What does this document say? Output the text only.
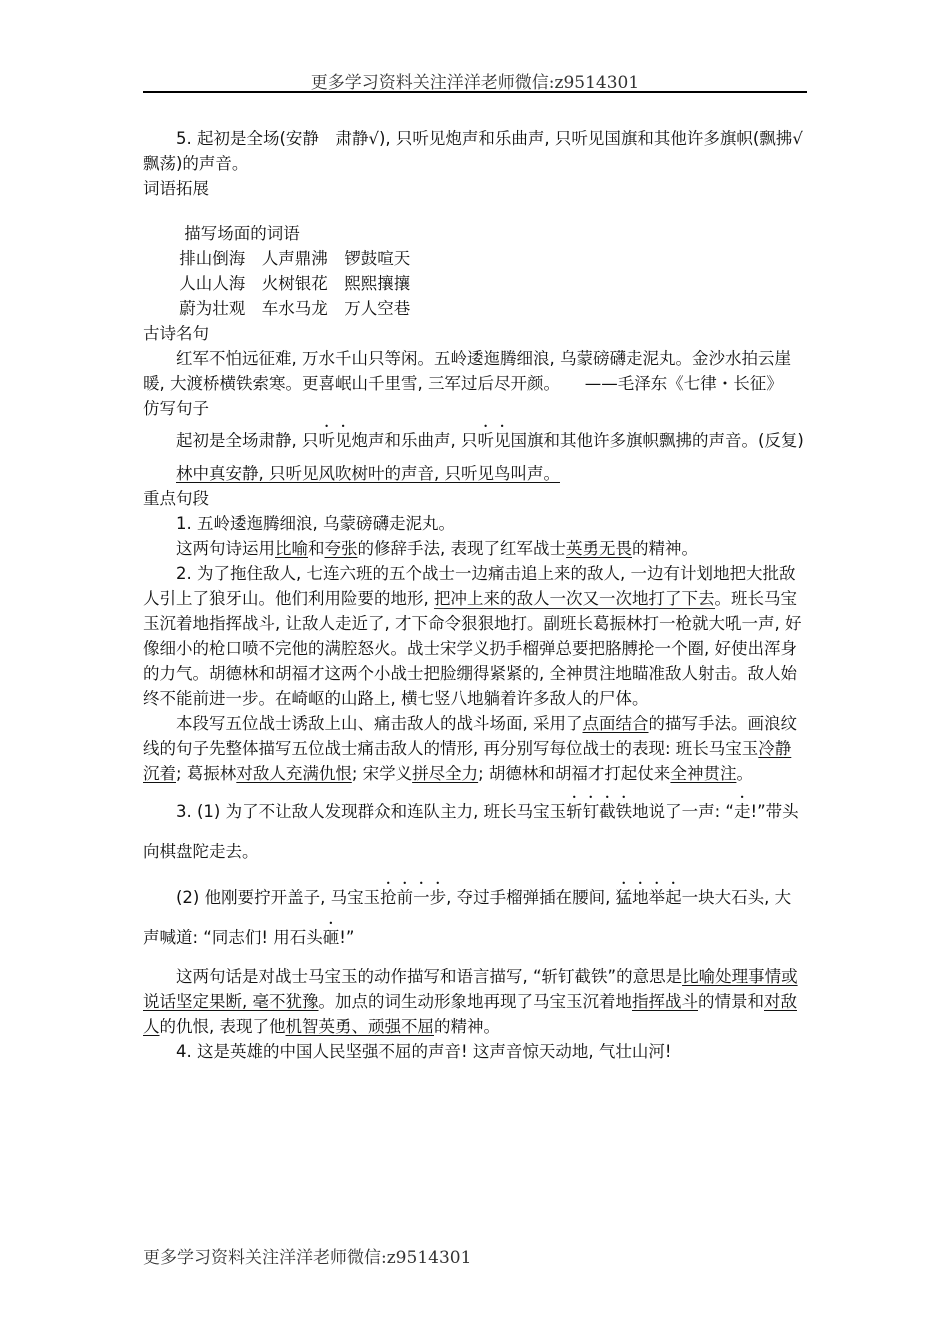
更多学习资料关注洋洋老师微信:z9514301

5. 起初是全场(安静　肃静√), 只听见炮声和乐曲声, 只听见国旗和其他许多旗帜(飘拂√　 飘荡)的声音。

词语拓展

描写场面的词语

排山倒海　人声鼎沸　锣鼓喧天

人山人海　火树银花　熙熙攘攘

蔚为壮观　车水马龙　万人空巷

古诗名句

红军不怕远征难, 万水千山只等闲。五岭逶迤腾细浪, 乌蒙磅礴走泥丸。金沙水拍云崖暖, 大渡桥横铁索寒。更喜岷山千里雪, 三军过后尽开颜。　　——毛泽东《七律・长征》

仿写句子

起初是全场肃静, 只听见炮声和乐曲声, 只听见国旗和其他许多旗帜飘拂的声音。(反复)

林中真安静, 只听见风吹树叶的声音, 只听见鸟叫声。

重点句段

1. 五岭逶迤腾细浪, 乌蒙磅礴走泥丸。

这两句诗运用比喻和夸张的修辞手法, 表现了红军战士英勇无畏的精神。

2. 为了拖住敌人, 七连六班的五个战士一边痛击追上来的敌人, 一边有计划地把大批敌人引上了狼牙山。他们利用险要的地形, 把冲上来的敌人一次又一次地打了下去。班长马宝玉沉着地指挥战斗, 让敌人走近了, 才下命令狠狠地打。副班长葛振林打一枪就大吼一声, 好像细小的枪口喷不完他的满腔怒火。战士宋学义扔手榴弹总要把胳膊抡一个圈, 好使出浑身的力气。胡德林和胡福才这两个小战士把脸绷得紧紧的, 全神贯注地瞄准敌人射击。敌人始终不能前进一步。在崎岖的山路上, 横七竖八地躺着许多敌人的尸体。

本段写五位战士诱敌上山、痛击敌人的战斗场面, 采用了点面结合的描写手法。画浪纹线的句子先整体描写五位战士痛击敌人的情形, 再分别写每位战士的表现: 班长马宝玉冷静沉着; 葛振林对敌人充满仇恨; 宋学义拼尽全力; 胡德林和胡福才打起仗来全神贯注。

3. (1) 为了不让敌人发现群众和连队主力, 班长马宝玉斩钉截铁地说了一声: “走!”带头向棋盘陀走去。

(2) 他刚要拧开盖子, 马宝玉抢前一步, 夺过手榴弹插在腰间, 猛地举起一块大石头, 大声喊道: “同志们! 用石头砸!”

这两句话是对战士马宝玉的动作描写和语言描写, “斩钉截铁”的意思是比喻处理事情或说话坚定果断, 毫不犹豫。加点的词生动形象地再现了马宝玉沉着地指挥战斗的情景和对敌人的仇恨, 表现了他机智英勇、顽强不屈的精神。

4. 这是英雄的中国人民坚强不屈的声音! 这声音惊天动地, 气壮山河!

更多学习资料关注洋洋老师微信:z9514301
